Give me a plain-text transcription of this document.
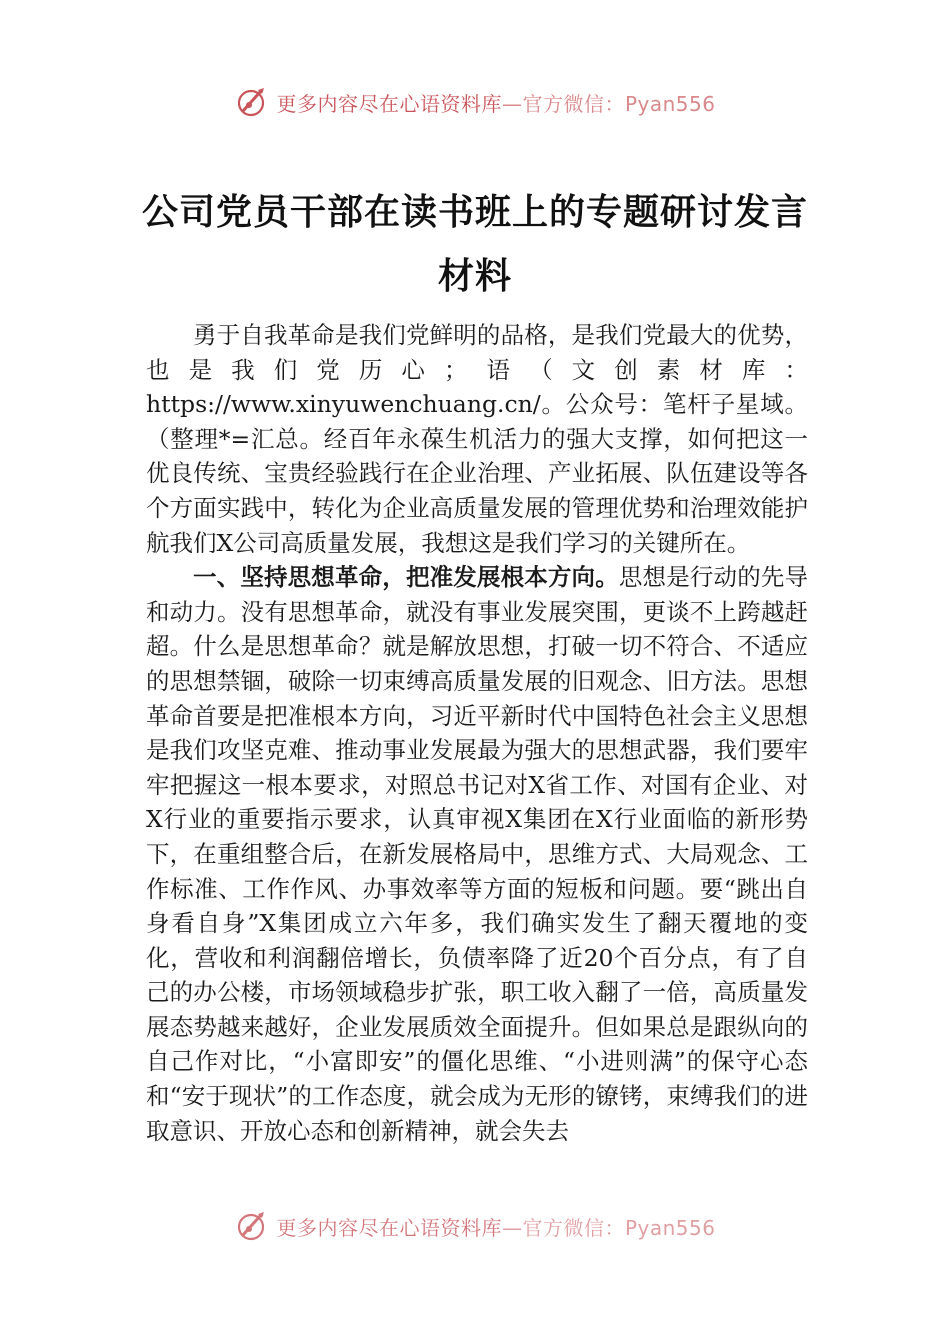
更多内容尽在心语资料库 —官方微信：Pyan556
公司党员干部在读书班上的专题研讨发言
材料

勇于自我革命是我们党鲜明的品格，是我们党最大的优势，也是我们党历心；语（文创素材库：https://www.xinyuwenchuang.cn/。公众号：笔杆子星域。（整理*=汇总。经百年永葆生机活力的强大支撑，如何把这一优良传统、宝贵经验践行在企业治理、产业拓展、队伍建设等各个方面实践中，转化为企业高质量发展的管理优势和治理效能护航我们X公司高质量发展，我想这是我们学习的关键所在。

一、坚持思想革命，把准发展根本方向。思想是行动的先导和动力。没有思想革命，就没有事业发展突围，更谈不上跨越赶超。什么是思想革命？就是解放思想，打破一切不符合、不适应的思想禁锢，破除一切束缚高质量发展的旧观念、旧方法。思想革命首要是把准根本方向，习近平新时代中国特色社会主义思想是我们攻坚克难、推动事业发展最为强大的思想武器，我们要牢牢把握这一根本要求，对照总书记对X省工作、对国有企业、对X行业的重要指示要求，认真审视X集团在X行业面临的新形势下，在重组整合后，在新发展格局中，思维方式、大局观念、工作标准、工作作风、办事效率等方面的短板和问题。要“跳出自身看自身”X集团成立六年多，我们确实发生了翻天覆地的变化，营收和利润翻倍增长，负债率降了近20个百分点，有了自己的办公楼，市场领域稳步扩张，职工收入翻了一倍，高质量发展态势越来越好，企业发展质效全面提升。但如果总是跟纵向的自己作对比，“小富即安”的僵化思维、“小进则满”的保守心态和“安于现状”的工作态度，就会成为无形的镣铐，束缚我们的进取意识、开放心态和创新精神，就会失去

更多内容尽在心语资料库 —官方微信：Pyan556
